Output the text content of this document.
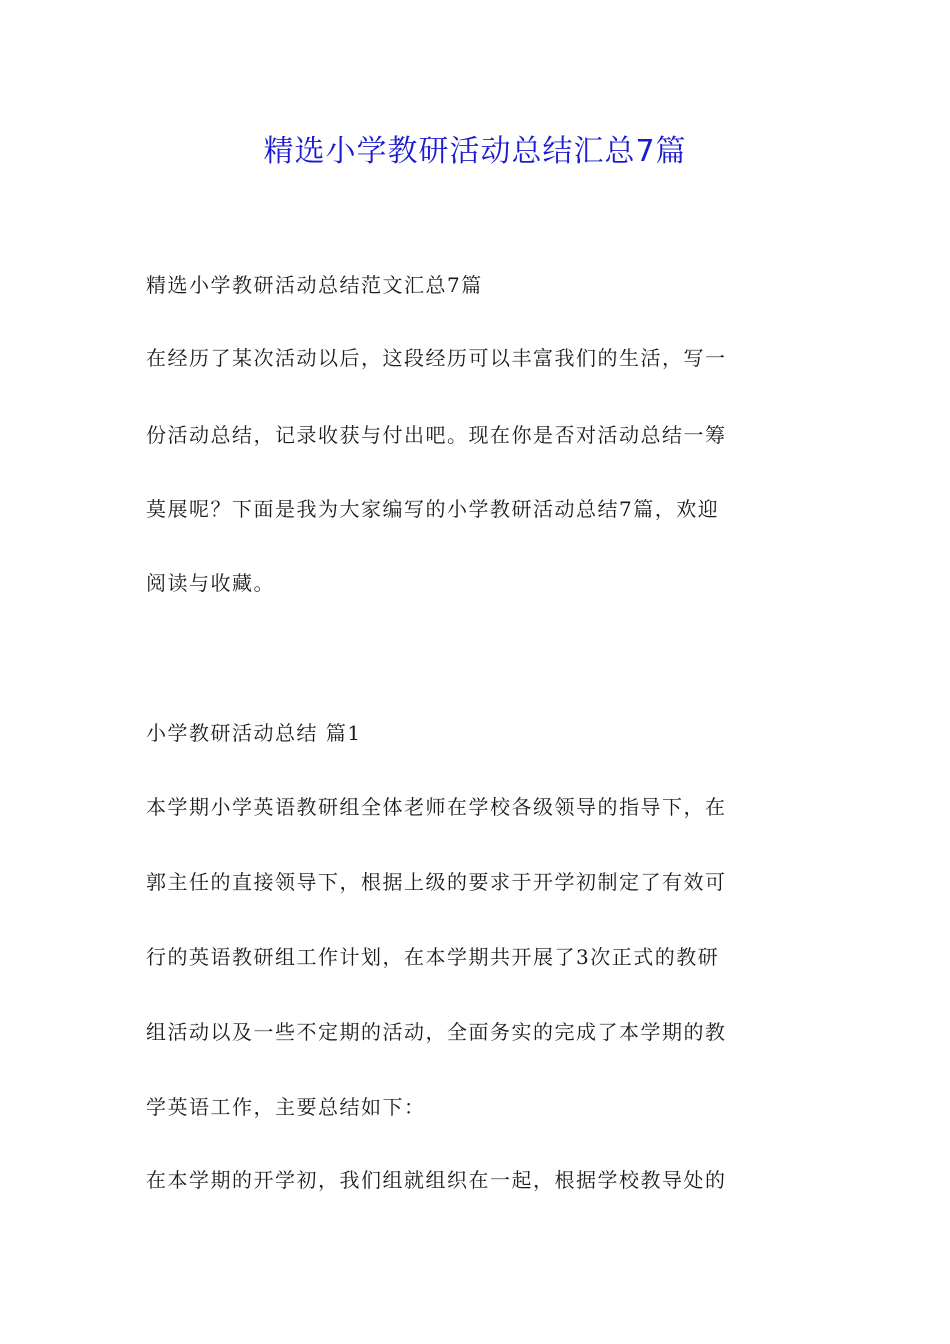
精选小学教研活动总结汇总7篇
精选小学教研活动总结范文汇总7篇
在经历了某次活动以后，这段经历可以丰富我们的生活，写一
份活动总结，记录收获与付出吧。现在你是否对活动总结一筹
莫展呢？下面是我为大家编写的小学教研活动总结7篇，欢迎
阅读与收藏。
小学教研活动总结 篇1
本学期小学英语教研组全体老师在学校各级领导的指导下，在
郭主任的直接领导下，根据上级的要求于开学初制定了有效可
行的英语教研组工作计划，在本学期共开展了3次正式的教研
组活动以及一些不定期的活动，全面务实的完成了本学期的教
学英语工作，主要总结如下：
在本学期的开学初，我们组就组织在一起，根据学校教导处的
